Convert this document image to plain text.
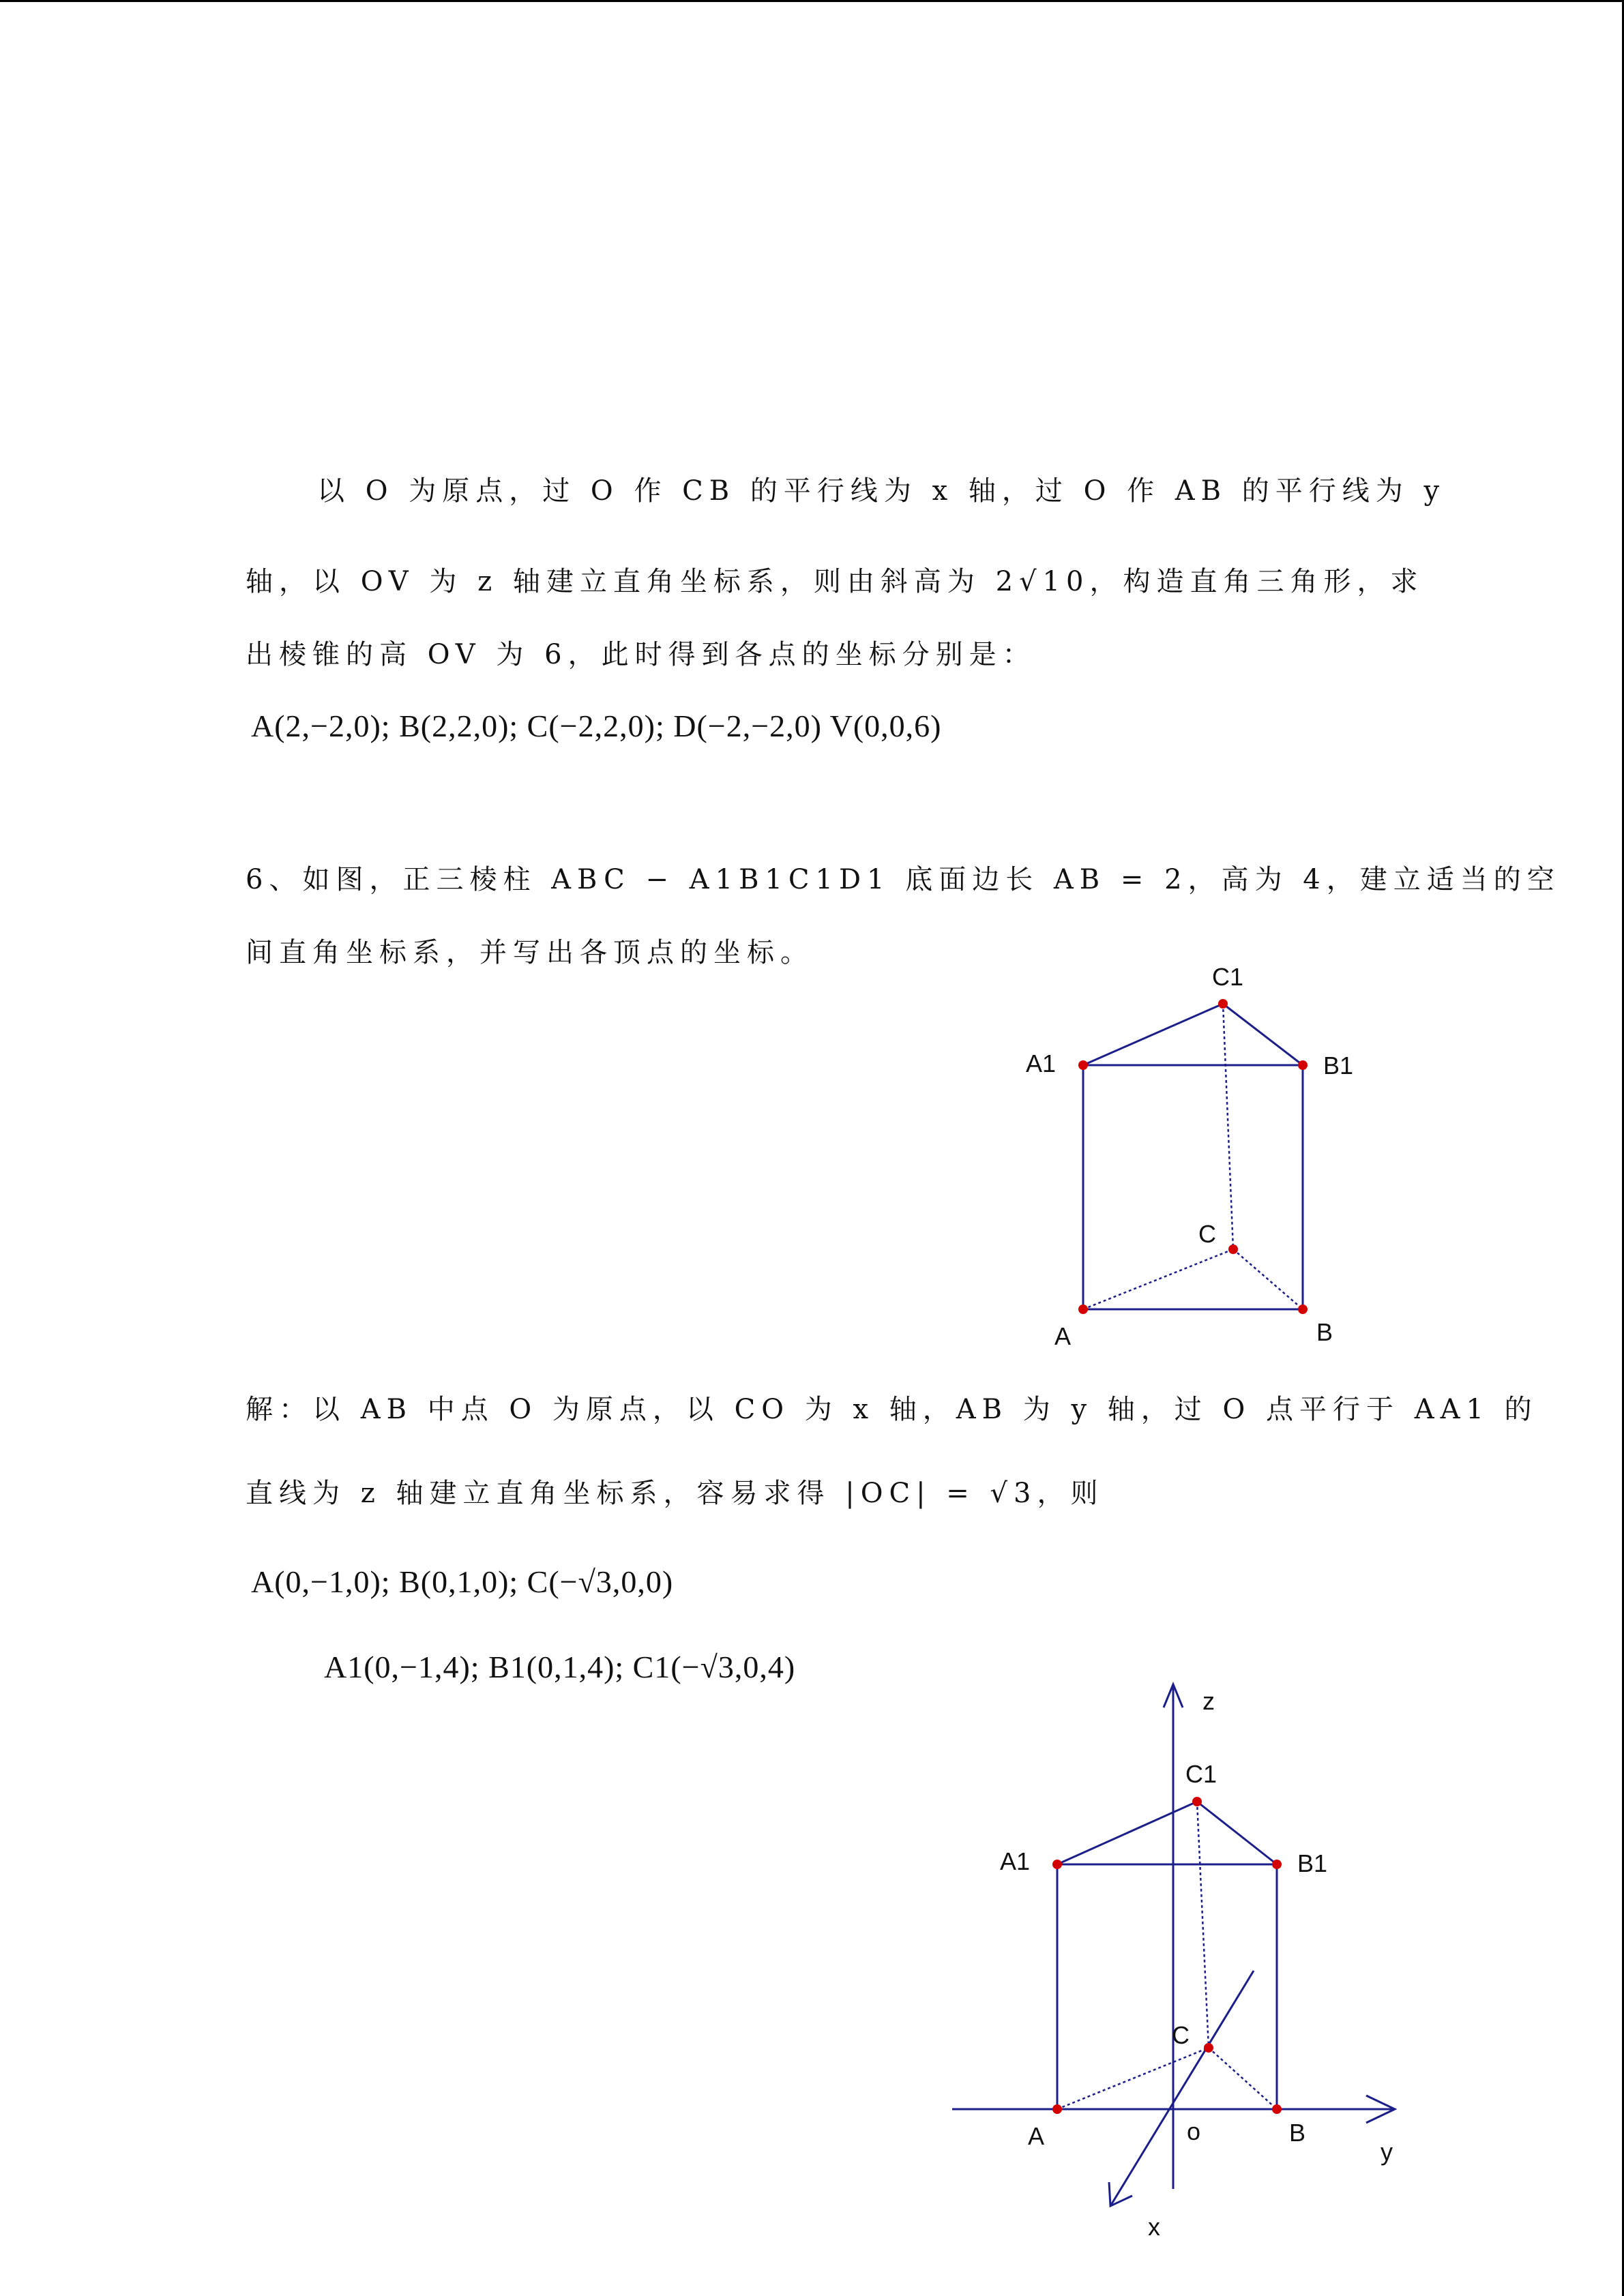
以 O 为原点，过 O 作 CB 的平行线为 x 轴，过 O 作 AB 的平行线为 y
轴，以 OV 为 z 轴建立直角坐标系，则由斜高为 2√10，构造直角三角形，求
出棱锥的高 OV 为 6，此时得到各点的坐标分别是：
A(2,−2,0); B(2,2,0); C(−2,2,0); D(−2,−2,0) V(0,0,6)
6、如图，正三棱柱 ABC − A1B1C1D1 底面边长 AB = 2，高为 4，建立适当的空
间直角坐标系，并写出各顶点的坐标。
C1
A1	B1
C
A	B
解：以 AB 中点 O 为原点，以 CO 为 x 轴，AB 为 y 轴，过 O 点平行于 AA1 的
直线为 z 轴建立直角坐标系，容易求得 |OC| = √3，则
A(0,−1,0); B(0,1,0); C(−√3,0,0)
A1(0,−1,4); B1(0,1,4); C1(−√3,0,4)
z
C1
A1	B1
C
A	o	B
y
x
